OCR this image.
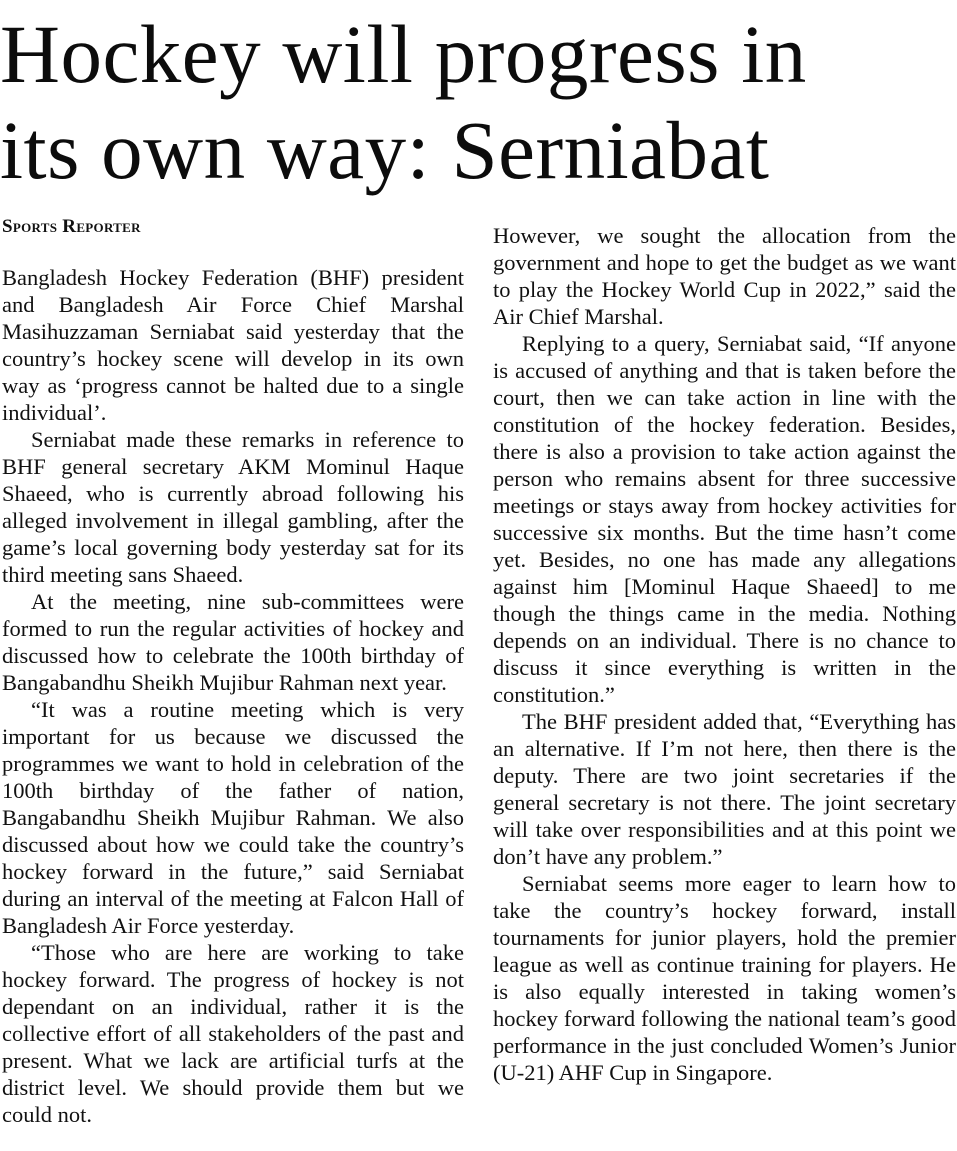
Hockey will progress in
its own way: Serniabat
Sports Reporter

Bangladesh Hockey Federation (BHF) president and Bangladesh Air Force Chief Marshal Masihuzzaman Serniabat said yesterday that the country’s hockey scene will develop in its own way as ‘progress cannot be halted due to a single individual’.

Serniabat made these remarks in reference to BHF general secretary AKM Mominul Haque Shaeed, who is currently abroad following his alleged involvement in illegal gambling, after the game’s local governing body yesterday sat for its third meeting sans Shaeed.

At the meeting, nine sub-committees were formed to run the regular activities of hockey and discussed how to celebrate the 100th birthday of Bangabandhu Sheikh Mujibur Rahman next year.

“It was a routine meeting which is very important for us because we discussed the programmes we want to hold in celebration of the 100th birthday of the father of nation, Bangabandhu Sheikh Mujibur Rahman. We also discussed about how we could take the country’s hockey forward in the future,” said Serniabat during an interval of the meeting at Falcon Hall of Bangladesh Air Force yesterday.

“Those who are here are working to take hockey forward. The progress of hockey is not dependant on an individual, rather it is the collective effort of all stakeholders of the past and present. What we lack are artificial turfs at the district level. We should provide them but we could not.

However, we sought the allocation from the government and hope to get the budget as we want to play the Hockey World Cup in 2022,” said the Air Chief Marshal.

Replying to a query, Serniabat said, “If anyone is accused of anything and that is taken before the court, then we can take action in line with the constitution of the hockey federation. Besides, there is also a provision to take action against the person who remains absent for three successive meetings or stays away from hockey activities for successive six months. But the time hasn’t come yet. Besides, no one has made any allegations against him [Mominul Haque Shaeed] to me though the things came in the media. Nothing depends on an individual. There is no chance to discuss it since everything is written in the constitution.”

The BHF president added that, “Everything has an alternative. If I’m not here, then there is the deputy. There are two joint secretaries if the general secretary is not there. The joint secretary will take over responsibilities and at this point we don’t have any problem.”

Serniabat seems more eager to learn how to take the country’s hockey forward, install tournaments for junior players, hold the premier league as well as continue training for players. He is also equally interested in taking women’s hockey forward following the national team’s good performance in the just concluded Women’s Junior (U-21) AHF Cup in Singapore.
